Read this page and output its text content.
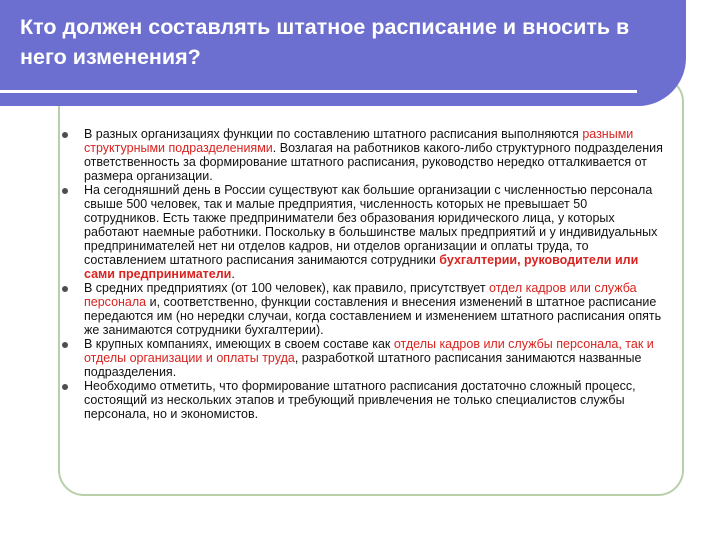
Кто должен составлять штатное расписание и вносить в него изменения?
В разных организациях функции по составлению штатного расписания выполняются разными структурными подразделениями. Возлагая на работников какого-либо структурного подразделения ответственность за формирование штатного расписания, руководство нередко отталкивается от размера организации.
На сегодняшний день в России существуют как большие организации с численностью персонала свыше 500 человек, так и малые предприятия, численность которых не превышает 50 сотрудников. Есть также предприниматели без образования юридического лица, у которых работают наемные работники. Поскольку в большинстве малых предприятий и у индивидуальных предпринимателей нет ни отделов кадров, ни отделов организации и оплаты труда, то составлением штатного расписания занимаются сотрудники бухгалтерии, руководители или сами предприниматели.
В средних предприятиях (от 100 человек), как правило, присутствует отдел кадров или служба персонала и, соответственно, функции составления и внесения изменений в штатное расписание передаются им (но нередки случаи, когда составлением и изменением штатного расписания опять же занимаются сотрудники бухгалтерии).
В крупных компаниях, имеющих в своем составе как отделы кадров или службы персонала, так и отделы организации и оплаты труда, разработкой штатного расписания занимаются названные подразделения.
Необходимо отметить, что формирование штатного расписания достаточно сложный процесс, состоящий из нескольких этапов и требующий привлечения не только специалистов службы персонала, но и экономистов.
